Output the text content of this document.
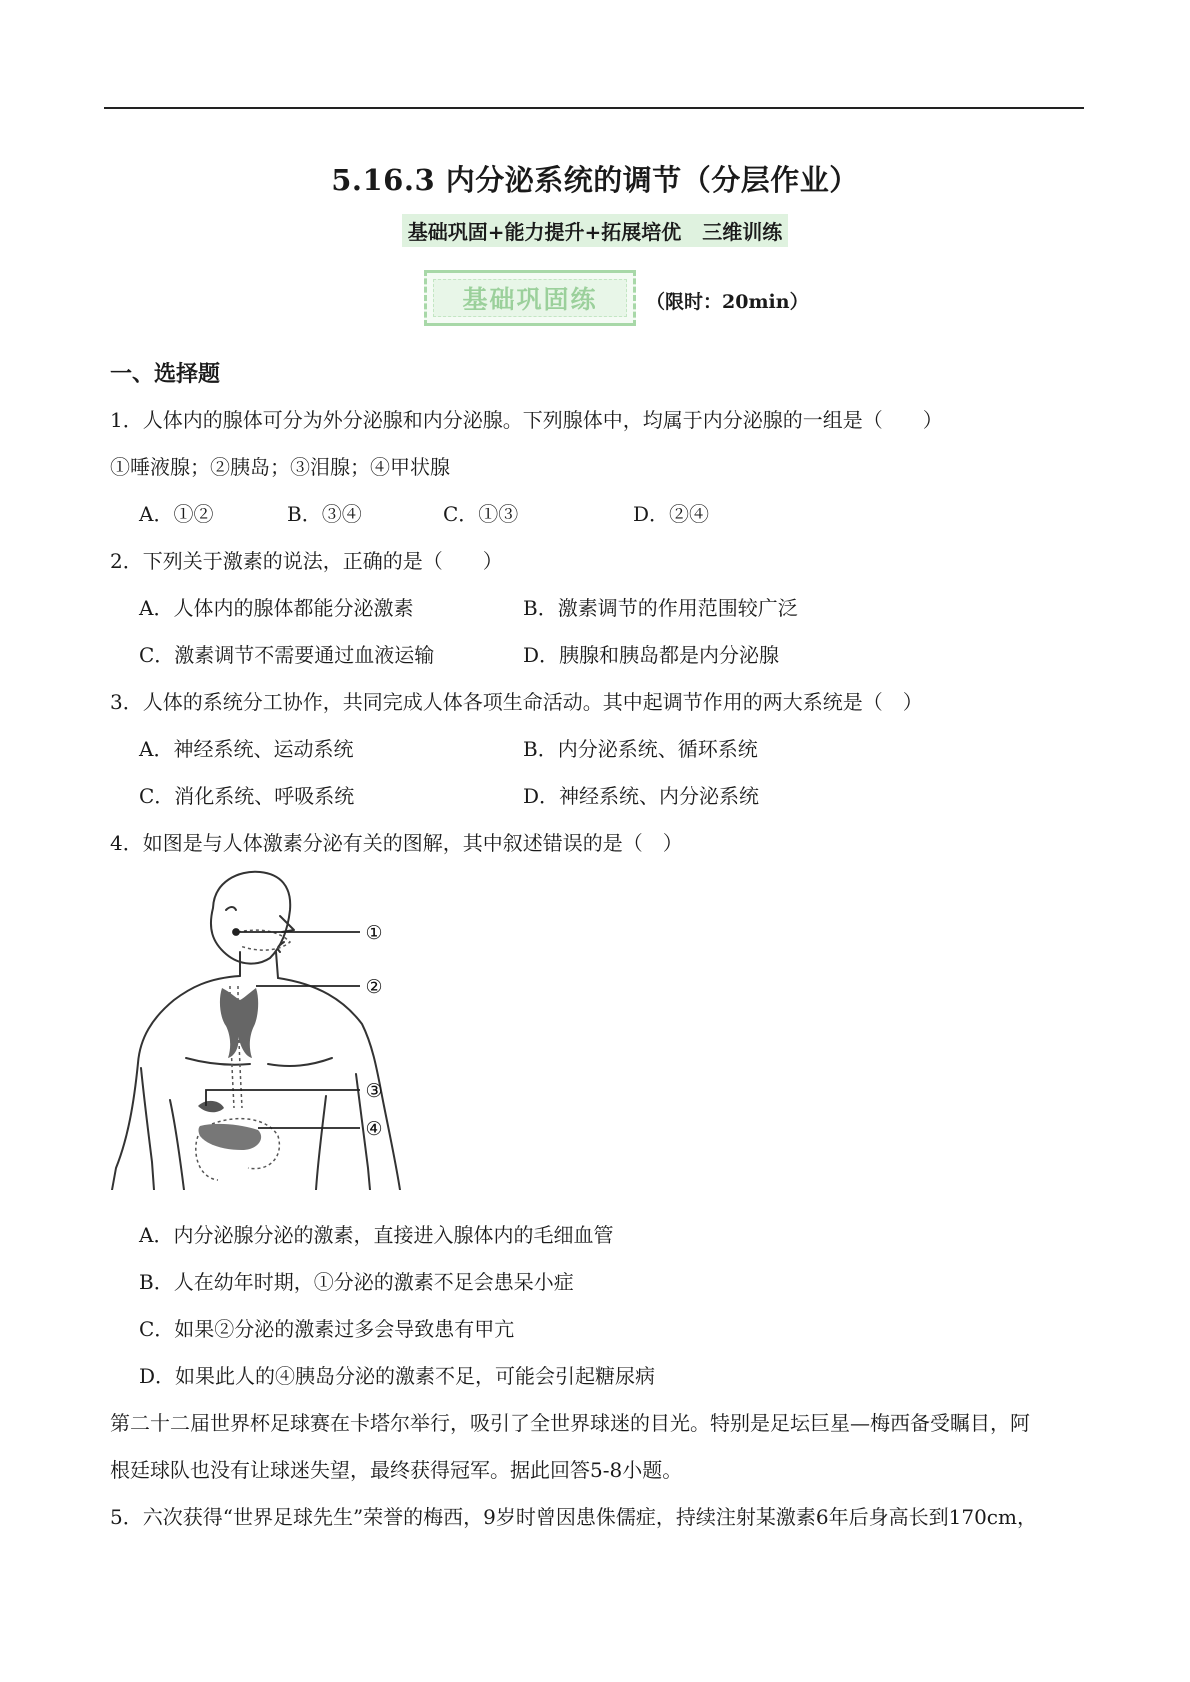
5.16.3 内分泌系统的调节（分层作业）
基础巩固+能力提升+拓展培优   三维训练
基础巩固练	（限时：20min）
一、选择题
1．人体内的腺体可分为外分泌腺和内分泌腺。下列腺体中，均属于内分泌腺的一组是（　　）
①唾液腺；②胰岛；③泪腺；④甲状腺
A．①②	B．③④	C．①③	D．②④
2．下列关于激素的说法，正确的是（　　）
A．人体内的腺体都能分泌激素	B．激素调节的作用范围较广泛
C．激素调节不需要通过血液运输	D．胰腺和胰岛都是内分泌腺
3．人体的系统分工协作，共同完成人体各项生命活动。其中起调节作用的两大系统是（　）
A．神经系统、运动系统	B．内分泌系统、循环系统
C．消化系统、呼吸系统	D．神经系统、内分泌系统
4．如图是与人体激素分泌有关的图解，其中叙述错误的是（　）
①
②
③
④
A．内分泌腺分泌的激素，直接进入腺体内的毛细血管
B．人在幼年时期，①分泌的激素不足会患呆小症
C．如果②分泌的激素过多会导致患有甲亢
D．如果此人的④胰岛分泌的激素不足，可能会引起糖尿病
第二十二届世界杯足球赛在卡塔尔举行，吸引了全世界球迷的目光。特别是足坛巨星—梅西备受瞩目，阿
根廷球队也没有让球迷失望，最终获得冠军。据此回答5-8小题。
5．六次获得“世界足球先生”荣誉的梅西，9岁时曾因患侏儒症，持续注射某激素6年后身高长到170cm，
